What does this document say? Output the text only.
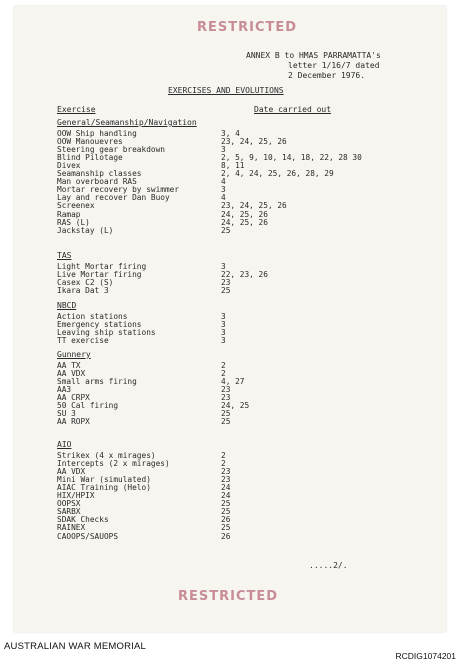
RESTRICTED
ANNEX B to HMAS PARRAMATTA's
letter 1/16/7 dated
2 December 1976.
EXERCISES AND EVOLUTIONS
Exercise	Date carried out
General/Seamanship/Navigation
OOW Ship handling	3, 4
OOW Manouevres	23, 24, 25, 26
Steering gear breakdown	3
Blind Pilotage	2, 5, 9, 10, 14, 18, 22, 28 30
Divex	8, 11
Seamanship classes	2, 4, 24, 25, 26, 28, 29
Man overboard RAS	4
Mortar recovery by swimmer	3
Lay and recover Dan Buoy	4
Screenex	23, 24, 25, 26
Ramap	24, 25, 26
RAS (L)	24, 25, 26
Jackstay (L)	25
TAS
Light Mortar firing	3
Live Mortar firing	22, 23, 26
Casex C2 (S)	23
Ikara Dat 3	25
NBCD
Action stations	3
Emergency stations	3
Leaving ship stations	3
TT exercise	3
Gunnery
AA TX	2
AA VDX	2
Small arms firing	4, 27
AA3	23
AA CRPX	23
50 Cal firing	24, 25
SU 3	25
AA ROPX	25
AIO
Strikex (4 x mirages)	2
Intercepts (2 x mirages)	2
AA VDX	23
Mini War (simulated)	23
AIAC Training (Helo)	24
HIX/HPIX	24
OOPSX	25
SARBX	25
SDAK Checks	26
RAINEX	25
CAOOPS/SAUOPS	26
.....2/.
RESTRICTED
AUSTRALIAN WAR MEMORIAL
RCDIG1074201
